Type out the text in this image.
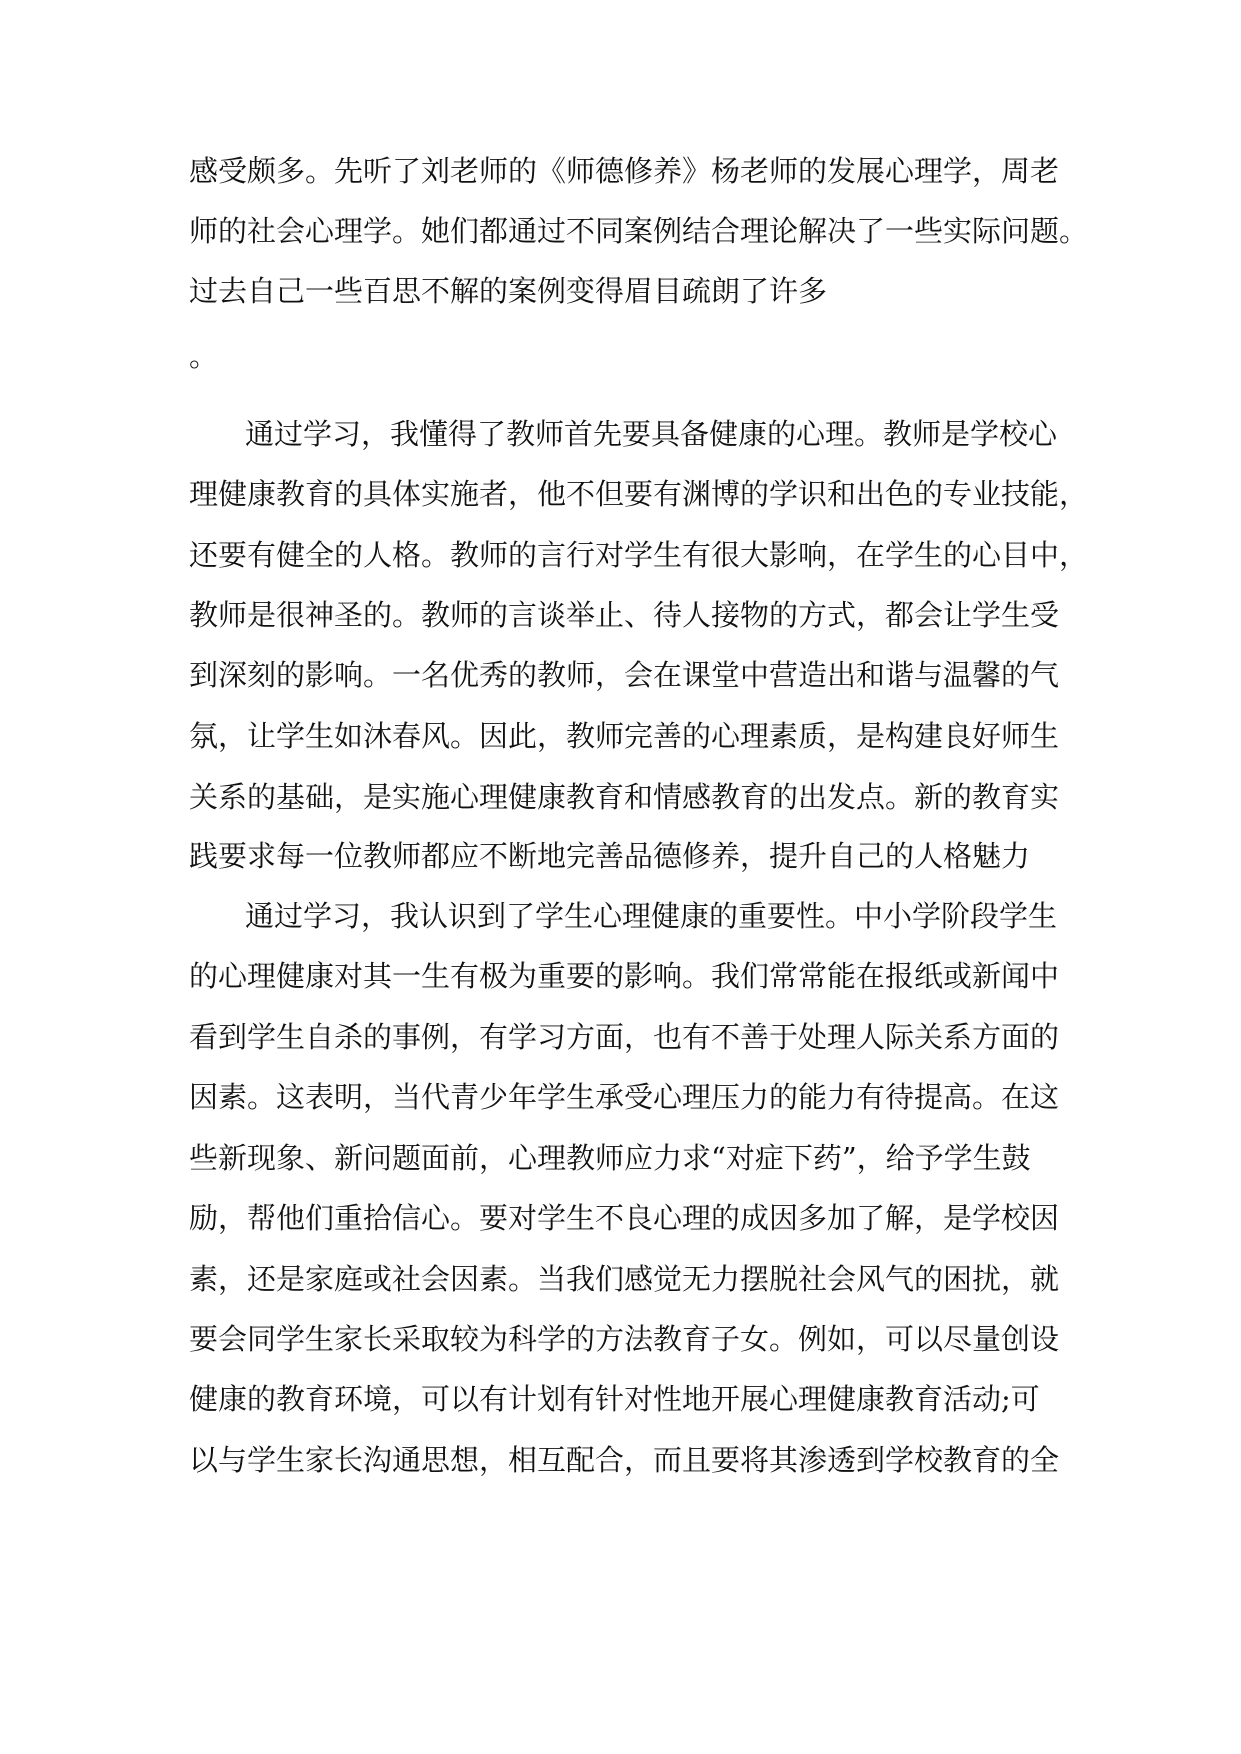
感受颇多。先听了刘老师的《师德修养》杨老师的发展心理学，周老

师的社会心理学。她们都通过不同案例结合理论解决了一些实际问题。

过去自己一些百思不解的案例变得眉目疏朗了许多

。

通过学习，我懂得了教师首先要具备健康的心理。教师是学校心

理健康教育的具体实施者，他不但要有渊博的学识和出色的专业技能，

还要有健全的人格。教师的言行对学生有很大影响，在学生的心目中，

教师是很神圣的。教师的言谈举止、待人接物的方式，都会让学生受

到深刻的影响。一名优秀的教师，会在课堂中营造出和谐与温馨的气

氛，让学生如沐春风。因此，教师完善的心理素质，是构建良好师生

关系的基础，是实施心理健康教育和情感教育的出发点。新的教育实

践要求每一位教师都应不断地完善品德修养，提升自己的人格魅力

通过学习，我认识到了学生心理健康的重要性。中小学阶段学生

的心理健康对其一生有极为重要的影响。我们常常能在报纸或新闻中

看到学生自杀的事例，有学习方面，也有不善于处理人际关系方面的

因素。这表明，当代青少年学生承受心理压力的能力有待提高。在这

些新现象、新问题面前，心理教师应力求“对症下药”，给予学生鼓

励，帮他们重拾信心。要对学生不良心理的成因多加了解，是学校因

素，还是家庭或社会因素。当我们感觉无力摆脱社会风气的困扰，就

要会同学生家长采取较为科学的方法教育子女。例如，可以尽量创设

健康的教育环境，可以有计划有针对性地开展心理健康教育活动;可

以与学生家长沟通思想，相互配合，而且要将其渗透到学校教育的全
